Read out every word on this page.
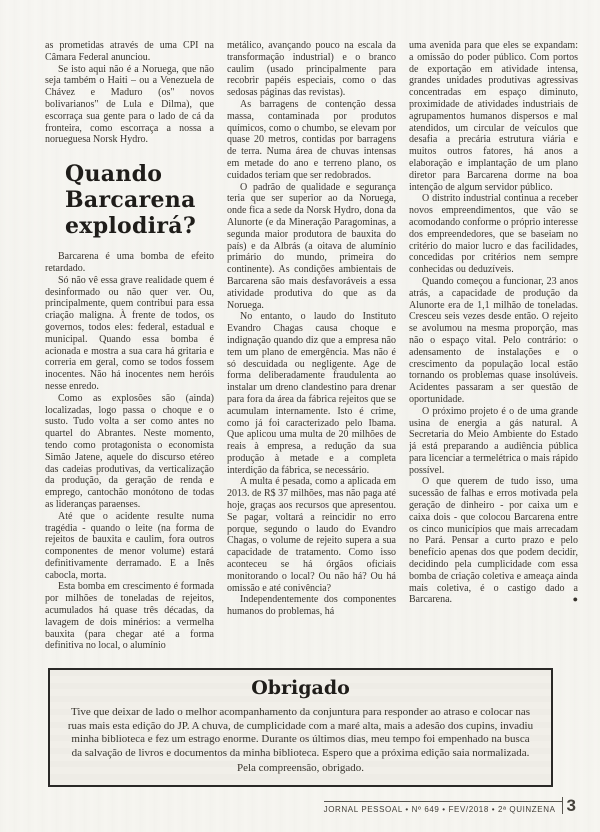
as prometidas através de uma CPI na Câmara Federal anunciou.

Se isto aqui não é a Noruega, que não seja também o Haiti – ou a Venezuela de Chávez e Maduro (os" novos bolivarianos" de Lula e Dilma), que escorraça sua gente para o lado de cá da fronteira, como escorraça a nossa a norueguesa Norsk Hydro.

Quando Barcarena explodirá?

Barcarena é uma bomba de efeito retardado.

Só não vê essa grave realidade quem é desinformado ou não quer ver. Ou, principalmente, quem contribui para essa criação maligna. À frente de todos, os governos, todos eles: federal, estadual e municipal. Quando essa bomba é acionada e mostra a sua cara há gritaria e correria em geral, como se todos fossem inocentes. Não há inocentes nem heróis nesse enredo.

Como as explosões são (ainda) localizadas, logo passa o choque e o susto. Tudo volta a ser como antes no quartel do Abrantes. Neste momento, tendo como protagonista o economista Simão Jatene, aquele do discurso etéreo das cadeias produtivas, da verticalização da produção, da geração de renda e emprego, cantochão monótono de todas as lideranças paraenses.

Até que o acidente resulte numa tragédia - quando o leite (na forma de rejeitos de bauxita e caulim, fora outros componentes de menor volume) estará definitivamente derramado. E a Inês cabocla, morta.

Esta bomba em crescimento é formada por milhões de toneladas de rejeitos, acumulados há quase três décadas, da lavagem de dois minérios: a vermelha bauxita (para chegar até a forma definitiva no local, o alumínio

metálico, avançando pouco na escala da transformação industrial) e o branco caulim (usado principalmente para recobrir papéis especiais, como o das sedosas páginas das revistas).

As barragens de contenção dessa massa, contaminada por produtos químicos, como o chumbo, se elevam por quase 20 metros, contidas por barragens de terra. Numa área de chuvas intensas em metade do ano e terreno plano, os cuidados teriam que ser redobrados.

O padrão de qualidade e segurança teria que ser superior ao da Noruega, onde fica a sede da Norsk Hydro, dona da Alunorte (e da Mineração Paragominas, a segunda maior produtora de bauxita do país) e da Albrás (a oitava de alumínio primário do mundo, primeira do continente). As condições ambientais de Barcarena são mais desfavoráveis a essa atividade produtiva do que as da Noruega.

No entanto, o laudo do Instituto Evandro Chagas causa choque e indignação quando diz que a empresa não tem um plano de emergência. Mas não é só descuidada ou negligente. Age de forma deliberadamente fraudulenta ao instalar um dreno clandestino para drenar para fora da área da fábrica rejeitos que se acumulam internamente. Isto é crime, como já foi caracterizado pelo Ibama. Que aplicou uma multa de 20 milhões de reais à empresa, a redução da sua produção à metade e a completa interdição da fábrica, se necessário.

A multa é pesada, como a aplicada em 2013. de R$ 37 milhões, mas não paga até hoje, graças aos recursos que apresentou. Se pagar, voltará a reincidir no erro porque, segundo o laudo do Evandro Chagas, o volume de rejeito supera a sua capacidade de tratamento. Como isso aconteceu se há órgãos oficiais monitorando o local? Ou não há? Ou há omissão e até conivência?

Independentemente dos componentes humanos do problemas, há

uma avenida para que eles se expandam: a omissão do poder público. Com portos de exportação em atividade intensa, grandes unidades produtivas agressivas concentradas em espaço diminuto, proximidade de atividades industriais de agrupamentos humanos dispersos e mal atendidos, um circular de veículos que desafia a precária estrutura viária e muitos outros fatores, há anos a elaboração e implantação de um plano diretor para Barcarena dorme na boa intenção de algum servidor público.

O distrito industrial continua a receber novos empreendimentos, que vão se acomodando conforme o próprio interesse dos empreendedores, que se baseiam no critério do maior lucro e das facilidades, concedidas por critérios nem sempre conhecidas ou deduzíveis.

Quando começou a funcionar, 23 anos atrás, a capacidade de produção da Alunorte era de 1,1 milhão de toneladas. Cresceu seis vezes desde então. O rejeito se avolumou na mesma proporção, mas não o espaço vital. Pelo contrário: o adensamento de instalações e o crescimento da população local estão tornando os problemas quase insolúveis. Acidentes passaram a ser questão de oportunidade.

O próximo projeto é o de uma grande usina de energia a gás natural. A Secretaria do Meio Ambiente do Estado já está preparando a audiência pública para licenciar a termelétrica o mais rápido possível.

O que querem de tudo isso, uma sucessão de falhas e erros motivada pela geração de dinheiro - por caixa um e caixa dois - que colocou Barcarena entre os cinco municípios que mais arrecadam no Pará. Pensar a curto prazo e pelo benefício apenas dos que podem decidir, decidindo pela cumplicidade com essa bomba de criação coletiva e ameaça ainda mais coletiva, é o castigo dado a Barcarena.	●

Obrigado

Tive que deixar de lado o melhor acompanhamento da conjuntura para responder ao atraso e colocar nas ruas mais esta edição do JP. A chuva, de cumplicidade com a maré alta, mais a adesão dos cupins, invadiu minha biblioteca e fez um estrago enorme. Durante os últimos dias, meu tempo foi empenhado na busca da salvação de livros e documentos da minha biblioteca. Espero que a próxima edição saia normalizada.

Pela compreensão, obrigado.

JORNAL PESSOAL • Nº 649 • FEV/2018 • 2ª QUINZENA 3
